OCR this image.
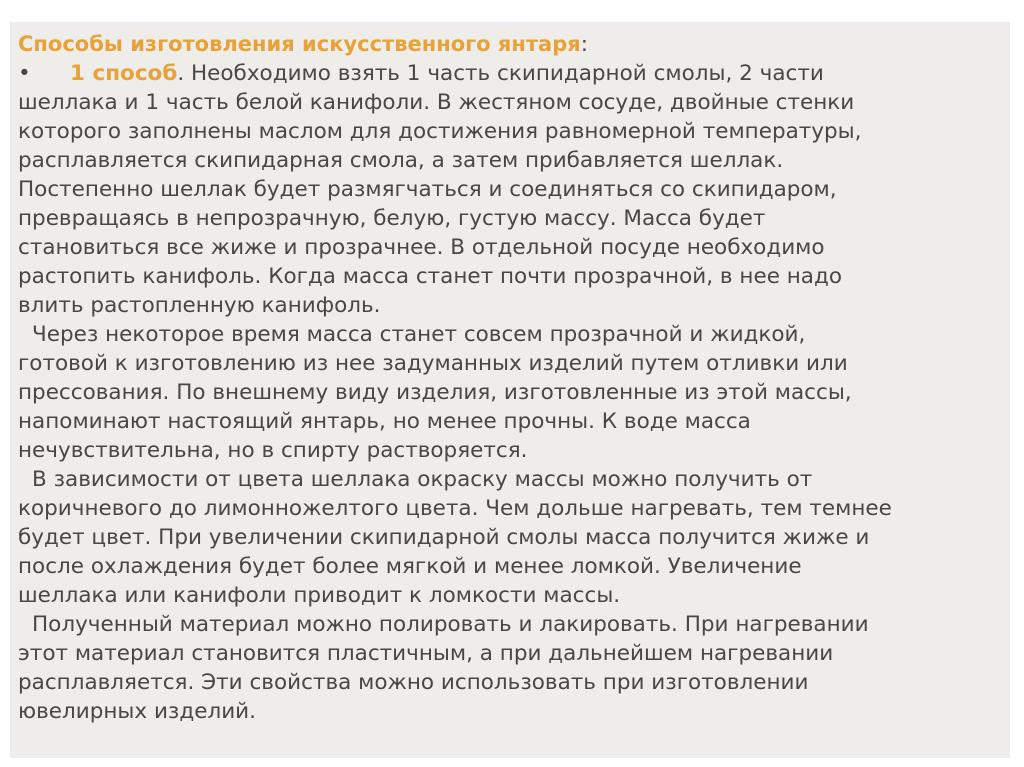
Способы изготовления искусственного янтаря:

• 1 способ. Необходимо взять 1 часть скипидарной смолы, 2 части

шеллака и 1 часть белой канифоли. В жестяном сосуде, двойные стенки

которого заполнены маслом для достижения равномерной температуры,

расплавляется скипидарная смола, а затем прибавляется шеллак.

Постепенно шеллак будет размягчаться и соединяться со скипидаром,

превращаясь в непрозрачную, белую, густую массу. Масса будет

становиться все жиже и прозрачнее. В отдельной посуде необходимо

растопить канифоль. Когда масса станет почти прозрачной, в нее надо

влить растопленную канифоль.

Через некоторое время масса станет совсем прозрачной и жидкой,

готовой к изготовлению из нее задуманных изделий путем отливки или

прессования. По внешнему виду изделия, изготовленные из этой массы,

напоминают настоящий янтарь, но менее прочны. К воде масса

нечувствительна, но в спирту растворяется.

В зависимости от цвета шеллака окраску массы можно получить от

коричневого до лимонножелтого цвета. Чем дольше нагревать, тем темнее

будет цвет. При увеличении скипидарной смолы масса получится жиже и

после охлаждения будет более мягкой и менее ломкой. Увеличение

шеллака или канифоли приводит к ломкости массы.

Полученный материал можно полировать и лакировать. При нагревании

этот материал становится пластичным, а при дальнейшем нагревании

расплавляется. Эти свойства можно использовать при изготовлении

ювелирных изделий.
